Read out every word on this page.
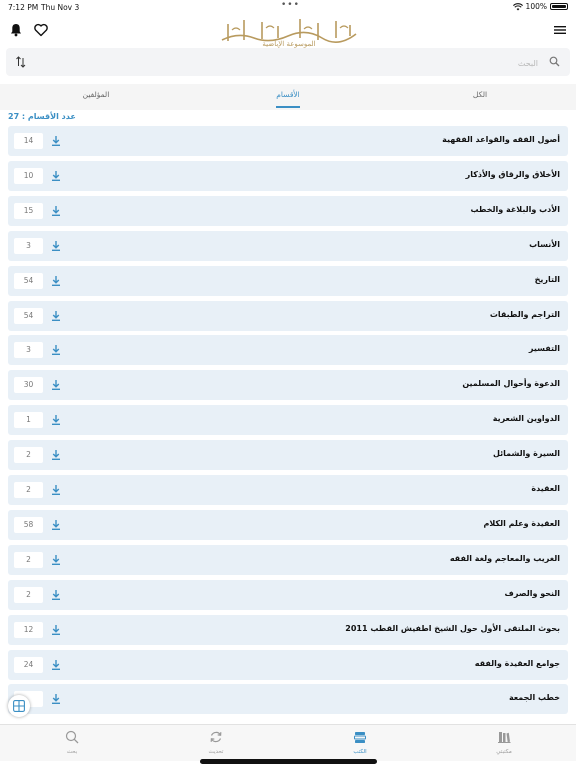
7:12 PM Thu Nov 3	•••	100%
الموسوعة الإباضية
البحث
الكل
الأقسام
المؤلفين
عدد الأقسام : 27
14	أصول الفقه والقواعد الفقهية
10	الأخلاق والرقاق والأذكار
15	الأدب والبلاغة والخطب
3	الأنساب
54	التاريخ
54	التراجم والطبقات
3	التفسير
30	الدعوة وأحوال المسلمين
1	الدواوين الشعرية
2	السيرة والشمائل
2	العقيدة
58	العقيدة وعلم الكلام
2	الغريب والمعاجم ولغة الفقه
2	النحو والصرف
12	بحوث الملتقى الأول حول الشيخ اطفيش القطب 2011
24	جوامع العقيدة والفقه
خطب الجمعة
بحث	تحديث	الكتب	مكتبتي
